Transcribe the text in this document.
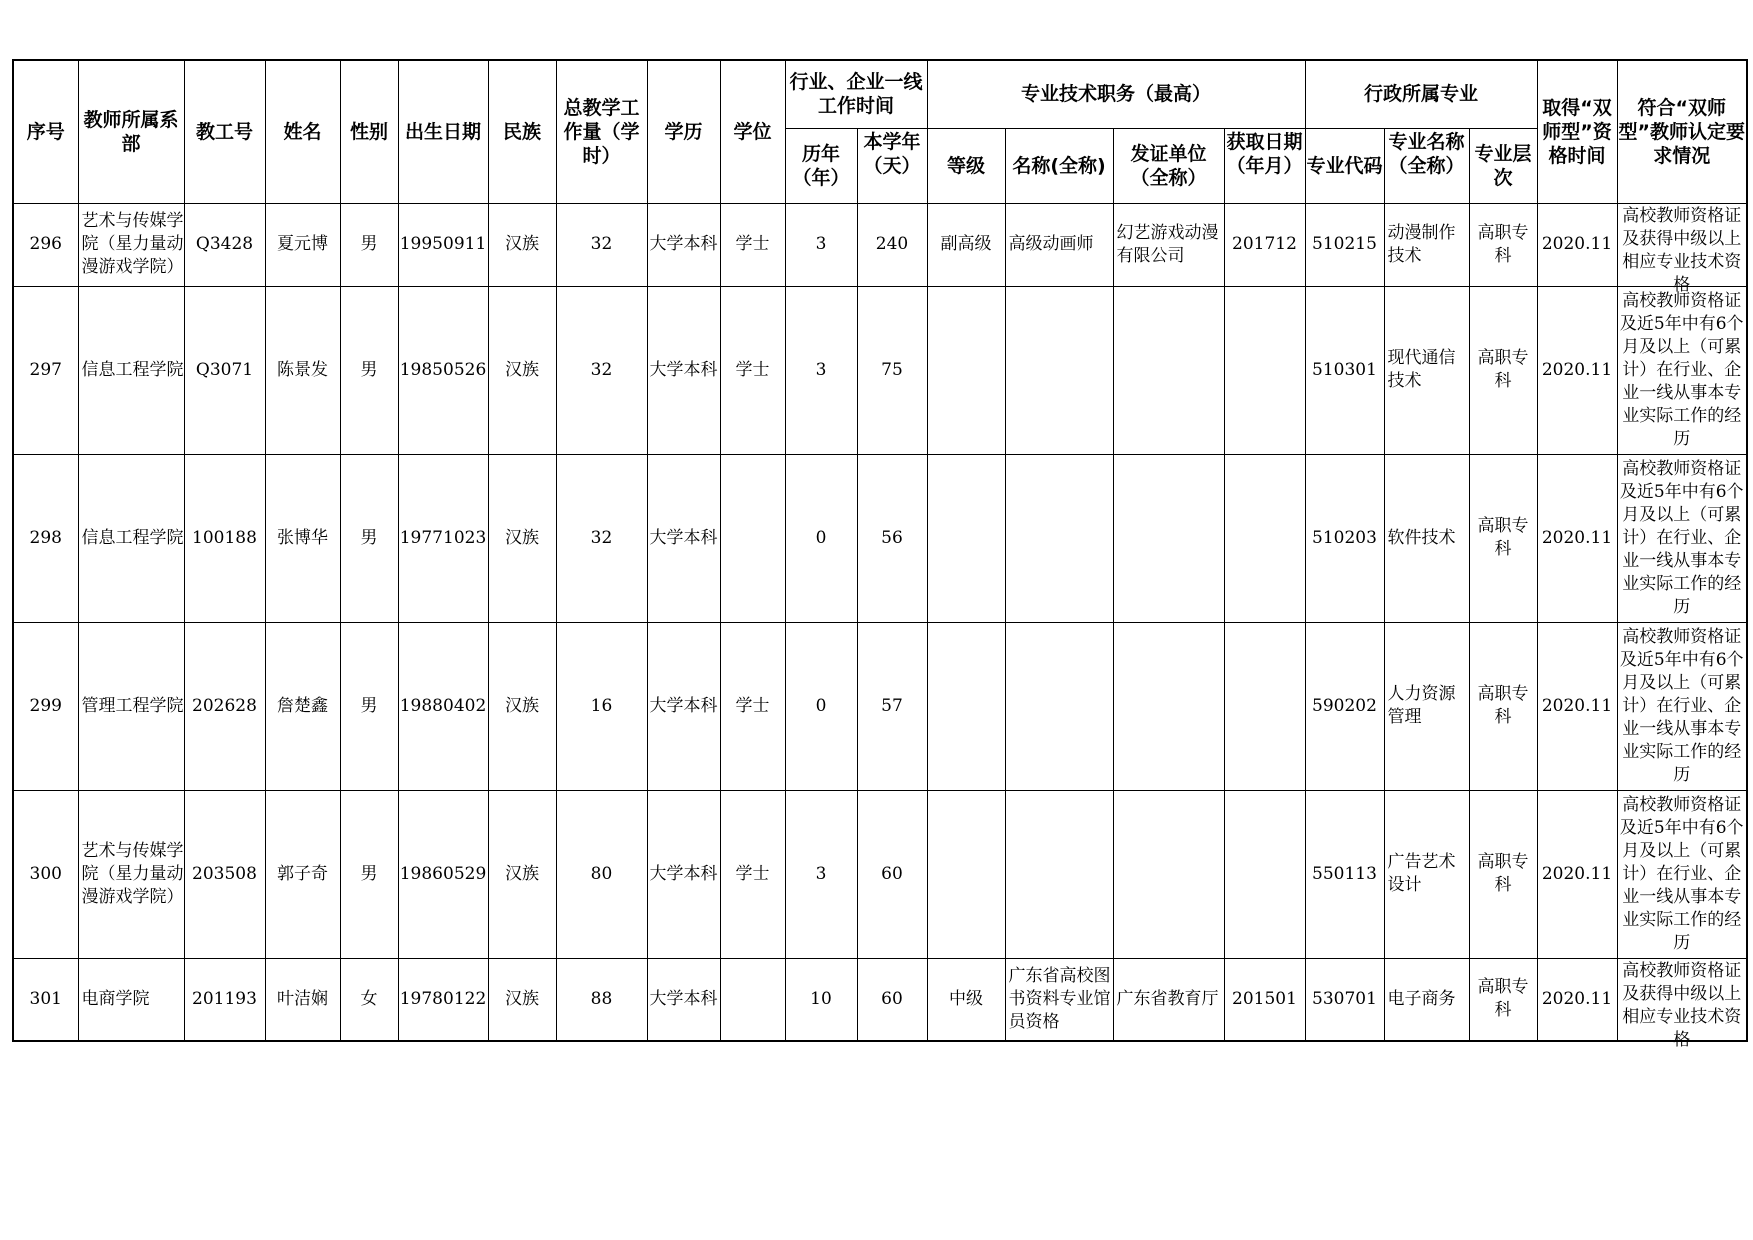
序号	教师所属系部	教工号	姓名	性别	出生日期	民族	总教学工作量（学时）	学历	学位	行业、企业一线工作时间		专业技术职务（最高）				行政所属专业			取得“双师型”资格时间	符合“双师型”教师认定要求情况
										历年（年）	本学年（天）	等级	名称(全称)	发证单位（全称）	获取日期（年月）	专业代码	专业名称（全称）	专业层次		

296	艺术与传媒学院（星力量动漫游戏学院）	Q3428	夏元博	男	19950911	汉族	32	大学本科	学士	3	240	副高级	高级动画师	幻艺游戏动漫有限公司	201712	510215	动漫制作技术	高职专科	2020.11	高校教师资格证及获得中级以上相应专业技术资格

297	信息工程学院	Q3071	陈景发	男	19850526	汉族	32	大学本科	学士	3	75					510301	现代通信技术	高职专科	2020.11	高校教师资格证及近5年中有6个月及以上（可累计）在行业、企业一线从事本专业实际工作的经历

298	信息工程学院	100188	张博华	男	19771023	汉族	32	大学本科		0	56					510203	软件技术	高职专科	2020.11	高校教师资格证及近5年中有6个月及以上（可累计）在行业、企业一线从事本专业实际工作的经历

299	管理工程学院	202628	詹楚鑫	男	19880402	汉族	16	大学本科	学士	0	57					590202	人力资源管理	高职专科	2020.11	高校教师资格证及近5年中有6个月及以上（可累计）在行业、企业一线从事本专业实际工作的经历

300	艺术与传媒学院（星力量动漫游戏学院）	203508	郭子奇	男	19860529	汉族	80	大学本科	学士	3	60					550113	广告艺术设计	高职专科	2020.11	高校教师资格证及近5年中有6个月及以上（可累计）在行业、企业一线从事本专业实际工作的经历

301	电商学院	201193	叶洁娴	女	19780122	汉族	88	大学本科		10	60	中级	广东省高校图书资料专业馆员资格	广东省教育厅	201501	530701	电子商务	高职专科	2020.11	高校教师资格证及获得中级以上相应专业技术资格
